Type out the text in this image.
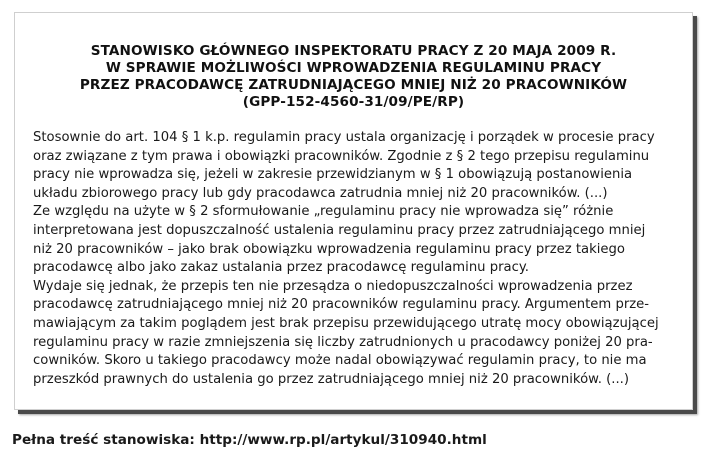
STANOWISKO GŁÓWNEGO INSPEKTORATU PRACY Z 20 MAJA 2009 R.
W SPRAWIE MOŻLIWOŚCI WPROWADZENIA REGULAMINU PRACY
PRZEZ PRACODAWCĘ ZATRUDNIAJĄCEGO MNIEJ NIŻ 20 PRACOWNIKÓW
(GPP-152-4560-31/09/PE/RP)
Stosownie do art. 104 § 1 k.p. regulamin pracy ustala organizację i porządek w procesie pracy
oraz związane z tym prawa i obowiązki pracowników. Zgodnie z § 2 tego przepisu regulaminu
pracy nie wprowadza się, jeżeli w zakresie przewidzianym w § 1 obowiązują postanowienia
układu zbiorowego pracy lub gdy pracodawca zatrudnia mniej niż 20 pracowników. (...)
Ze względu na użyte w § 2 sformułowanie „regulaminu pracy nie wprowadza się” różnie
interpretowana jest dopuszczalność ustalenia regulaminu pracy przez zatrudniającego mniej
niż 20 pracowników – jako brak obowiązku wprowadzenia regulaminu pracy przez takiego
pracodawcę albo jako zakaz ustalania przez pracodawcę regulaminu pracy.
Wydaje się jednak, że przepis ten nie przesądza o niedopuszczalności wprowadzenia przez
pracodawcę zatrudniającego mniej niż 20 pracowników regulaminu pracy. Argumentem prze-
mawiającym za takim poglądem jest brak przepisu przewidującego utratę mocy obowiązującej
regulaminu pracy w razie zmniejszenia się liczby zatrudnionych u pracodawcy poniżej 20 pra-
cowników. Skoro u takiego pracodawcy może nadal obowiązywać regulamin pracy, to nie ma
przeszkód prawnych do ustalenia go przez zatrudniającego mniej niż 20 pracowników. (...)
Pełna treść stanowiska: http://www.rp.pl/artykul/310940.html
